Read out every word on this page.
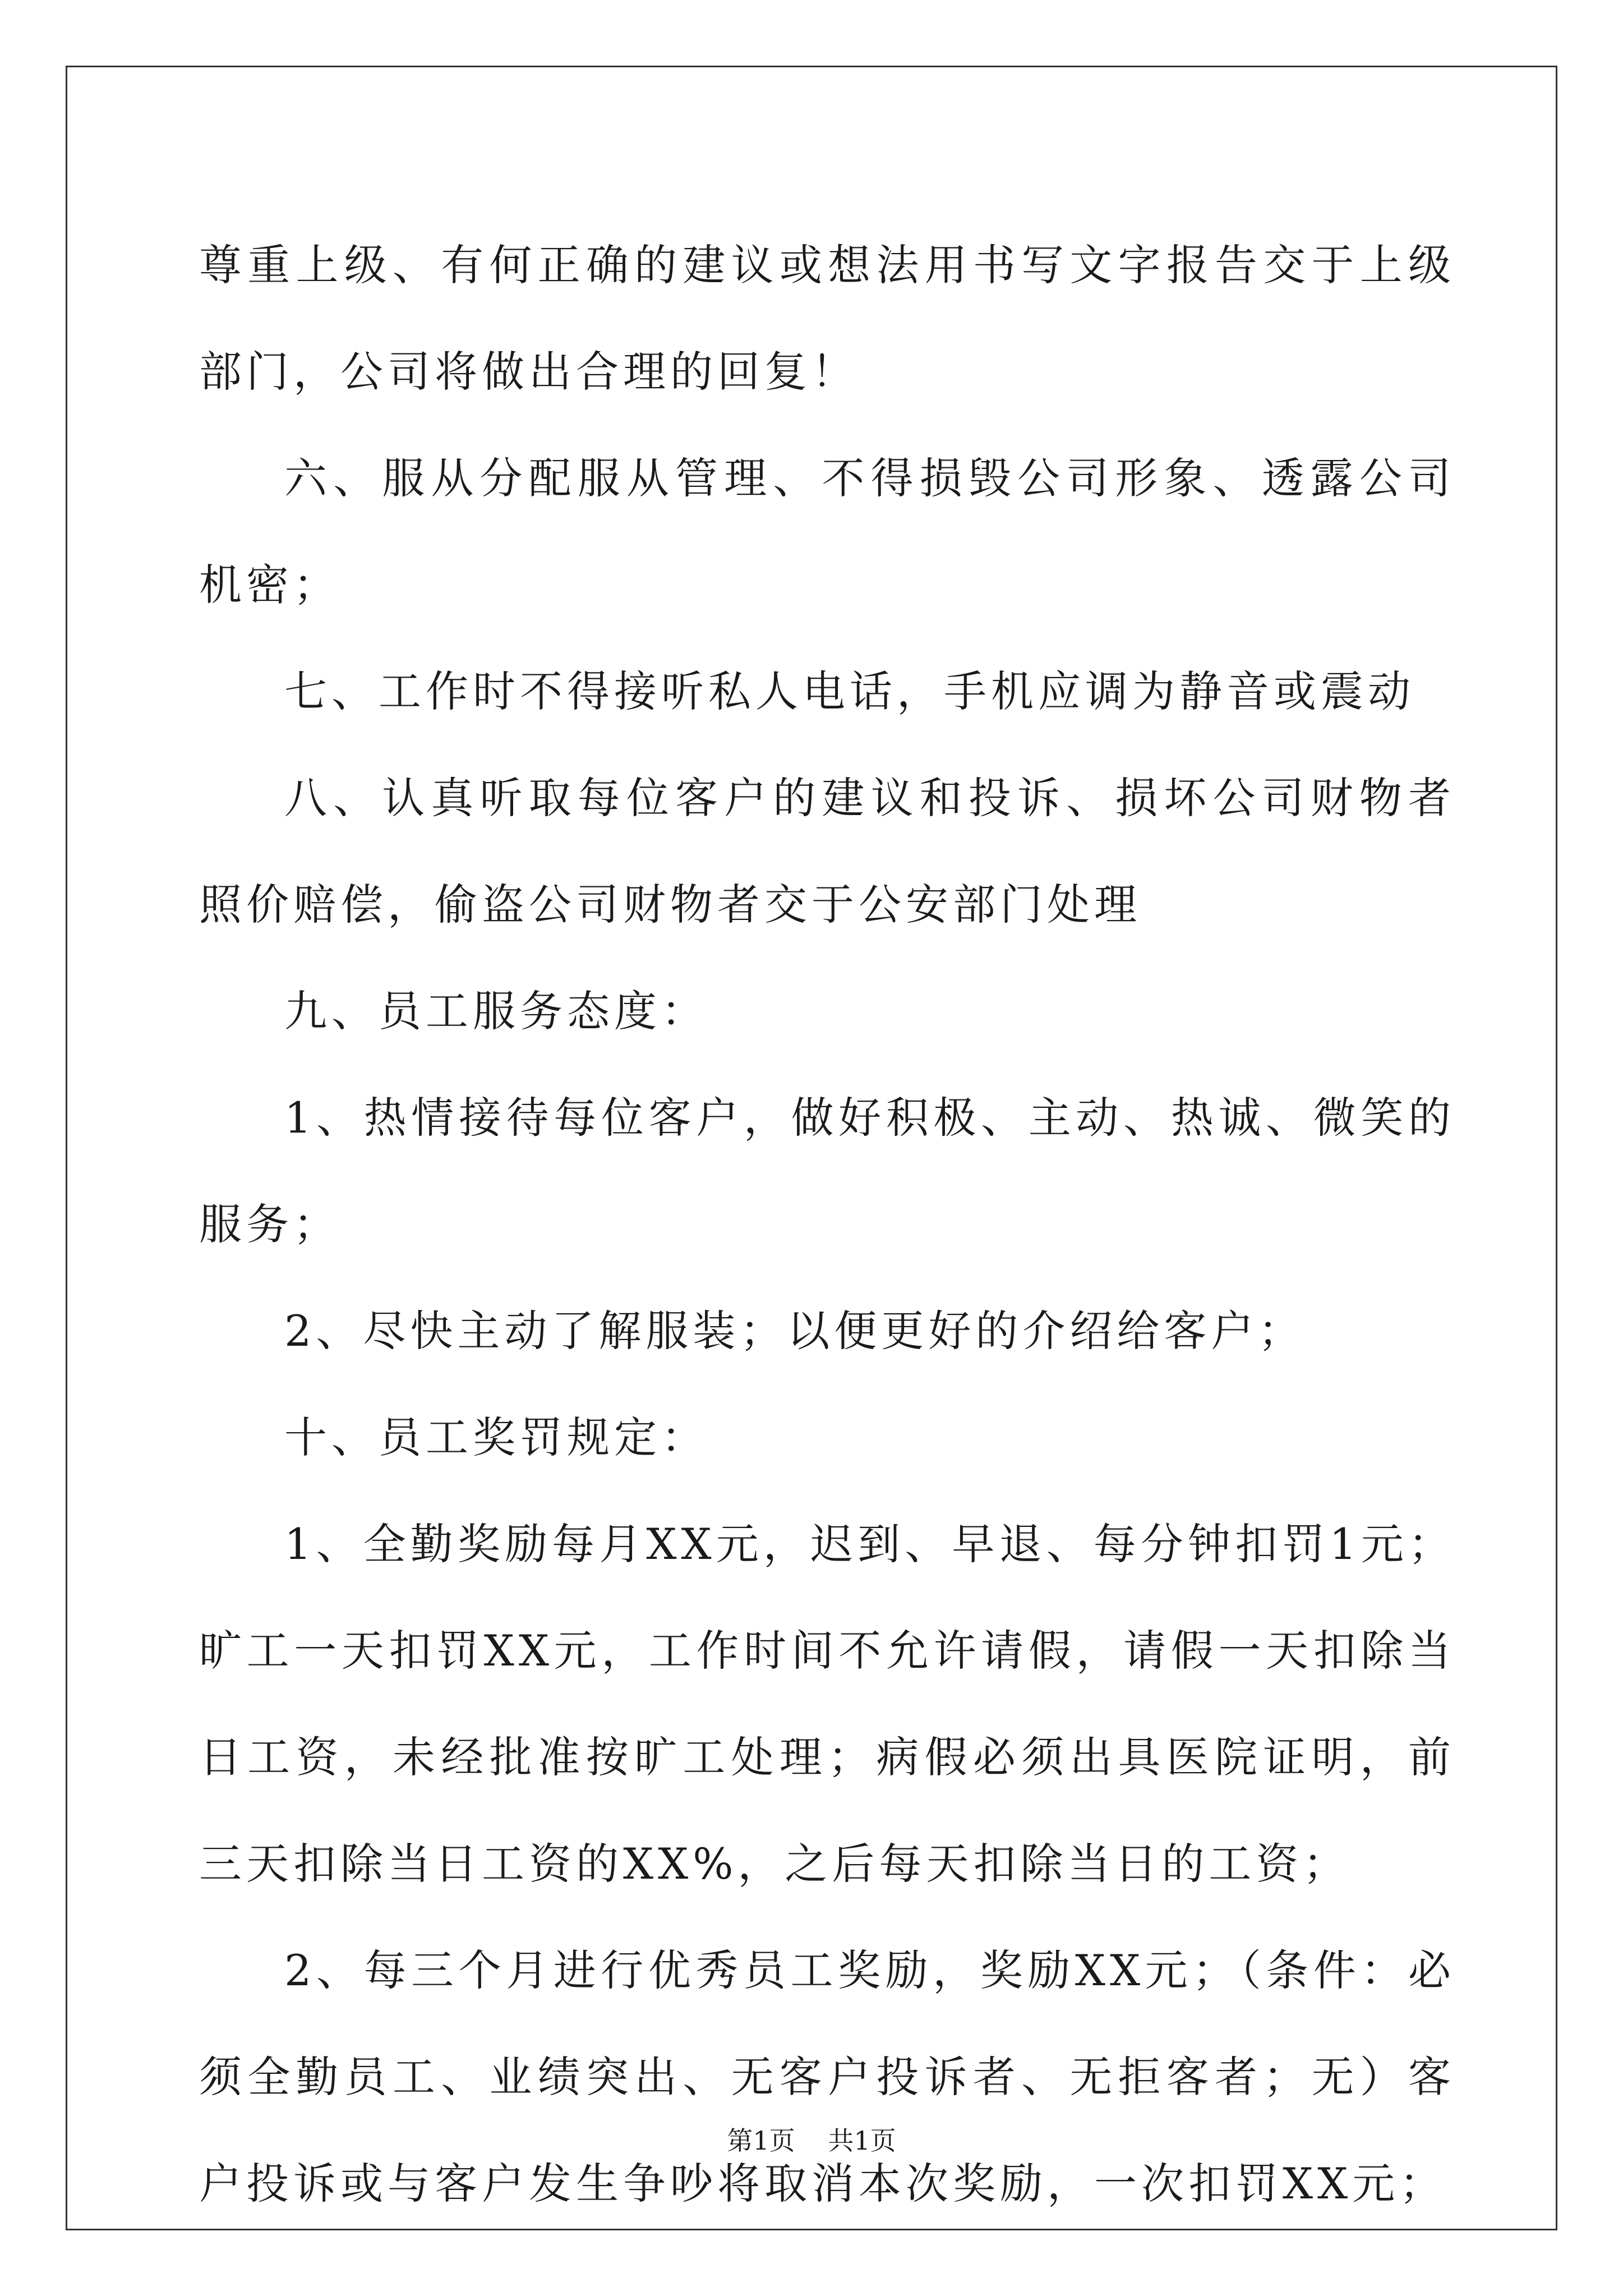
尊重上级、有何正确的建议或想法用书写文字报告交于上级部门，公司将做出合理的回复！

六、服从分配服从管理、不得损毁公司形象、透露公司机密；

七、工作时不得接听私人电话，手机应调为静音或震动

八、认真听取每位客户的建议和投诉、损坏公司财物者照价赔偿，偷盗公司财物者交于公安部门处理

九、员工服务态度：

1、热情接待每位客户，做好积极、主动、热诚、微笑的服务；

2、尽快主动了解服装；以便更好的介绍给客户；

十、员工奖罚规定：

1、全勤奖励每月XX元，迟到、早退、每分钟扣罚1元；旷工一天扣罚XX元，工作时间不允许请假，请假一天扣除当日工资，未经批准按旷工处理；病假必须出具医院证明，前三天扣除当日工资的XX%，之后每天扣除当日的工资；

2、每三个月进行优秀员工奖励，奖励XX元；（条件：必须全勤员工、业绩突出、无客户投诉者、无拒客者；无）客户投诉或与客户发生争吵将取消本次奖励，一次扣罚XX元；

第1页 共1页
